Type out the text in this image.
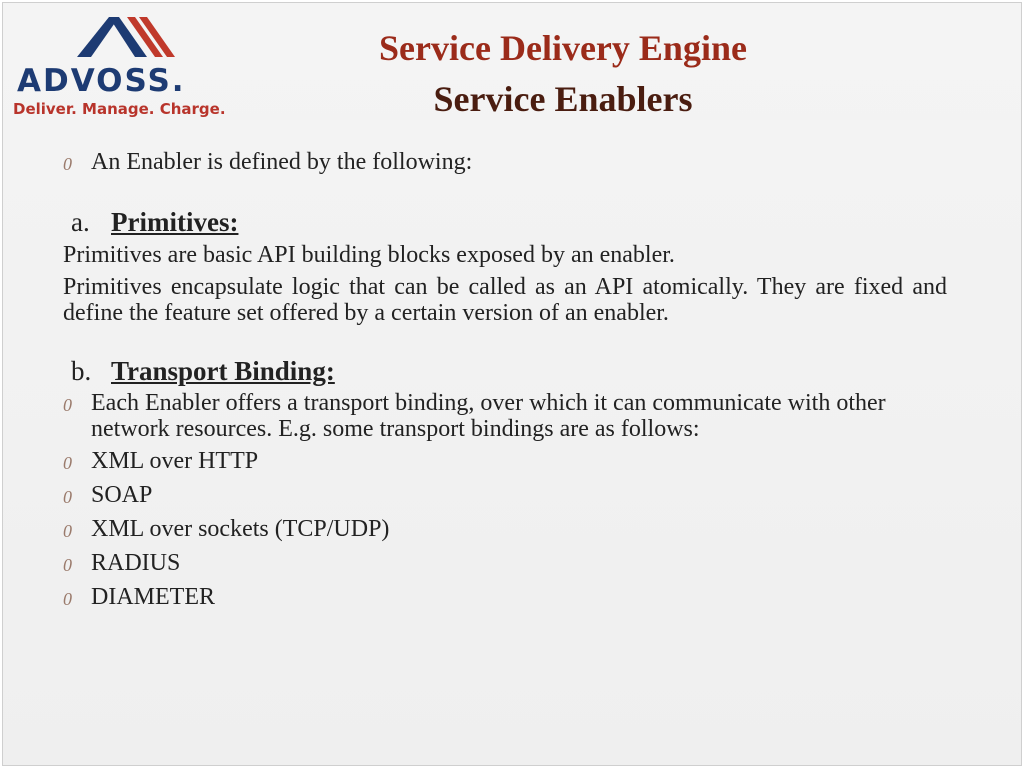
ADVOSS.
Deliver. Manage. Charge.
Service Delivery Engine
Service Enablers
0 An Enabler is defined by the following:
a. Primitives:
Primitives are basic API building blocks exposed by an enabler.
Primitives encapsulate logic that can be called as an API atomically. They are fixed and define the feature set offered by a certain version of an enabler.
b. Transport Binding:
0 Each Enabler offers a transport binding, over which it can communicate with other network resources. E.g. some transport bindings are as follows:
0 XML over HTTP
0 SOAP
0 XML over sockets (TCP/UDP)
0 RADIUS
0 DIAMETER
